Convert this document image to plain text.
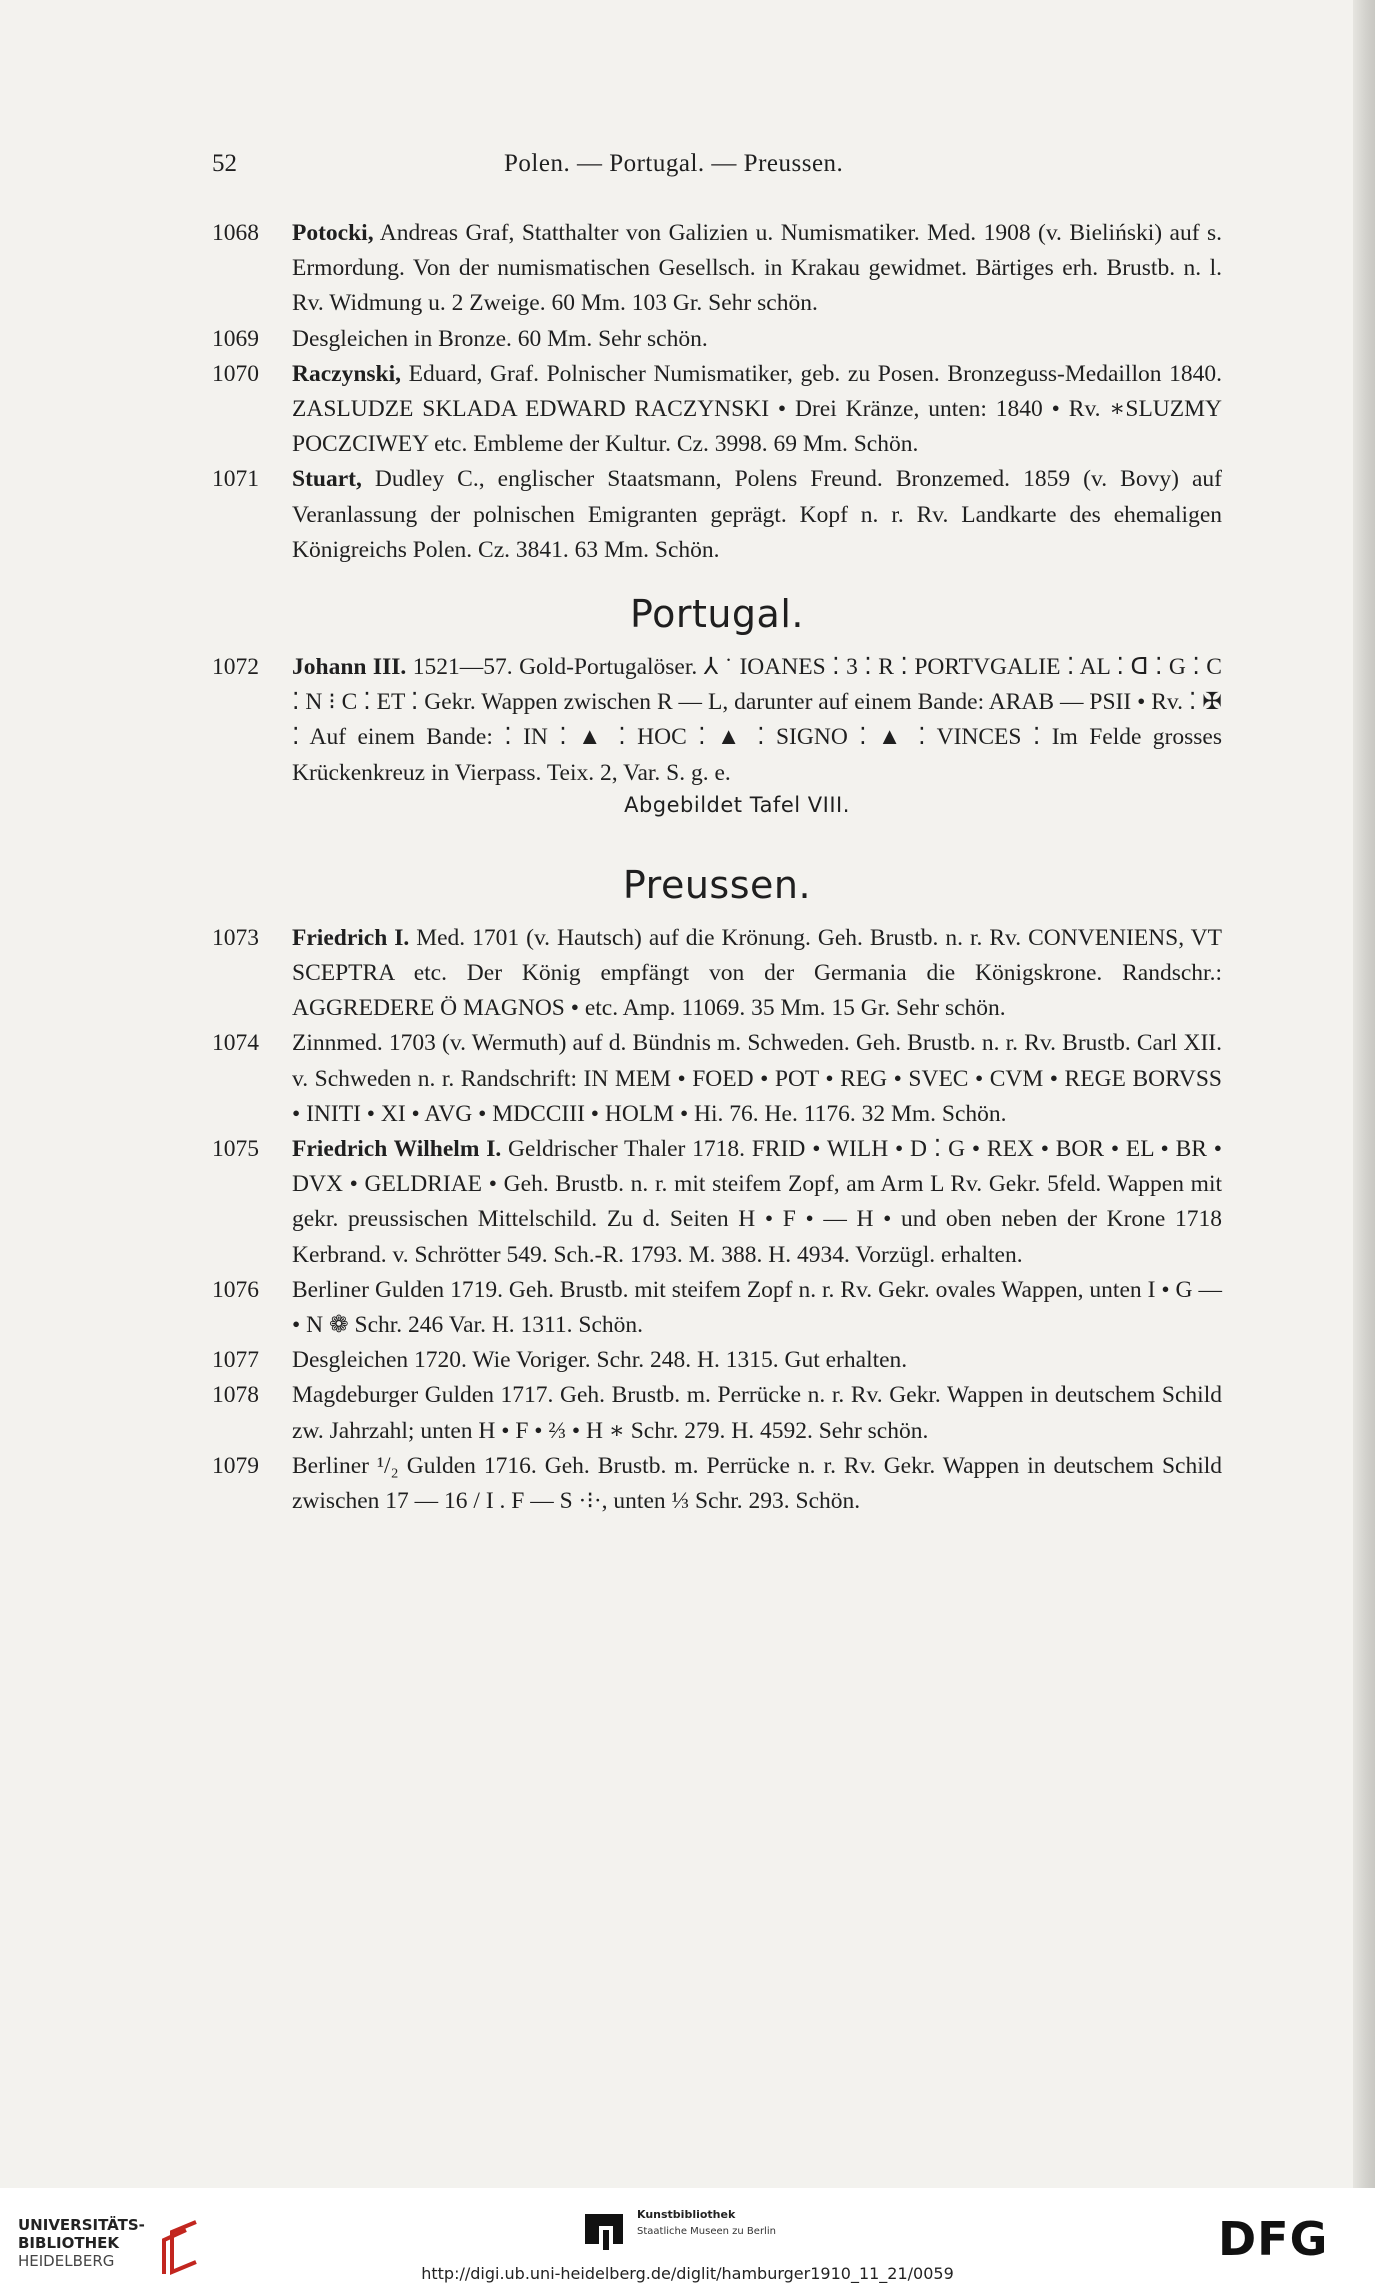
52	Polen. — Portugal. — Preussen.
1068	Potocki, Andreas Graf, Statthalter von Galizien u. Numismatiker. Med. 1908 (v. Bieliński) auf s. Ermordung. Von der numismatischen Gesellsch. in Krakau gewidmet. Bärtiges erh. Brustb. n. l. Rv. Widmung u. 2 Zweige. 60 Mm. 103 Gr. Sehr schön.
1069	Desgleichen in Bronze. 60 Mm. Sehr schön.
1070	Raczynski, Eduard, Graf. Polnischer Numismatiker, geb. zu Posen. Bronzeguss-Medaillon 1840. ZASLUDZE SKLADA EDWARD RACZYNSKI • Drei Kränze, unten: 1840 • Rv. ∗SLUZMY POCZCIWEY etc. Embleme der Kultur. Cz. 3998. 69 Mm. Schön.
1071	Stuart, Dudley C., englischer Staatsmann, Polens Freund. Bronzemed. 1859 (v. Bovy) auf Veranlassung der polnischen Emigranten geprägt. Kopf n. r. Rv. Landkarte des ehemaligen Königreichs Polen. Cz. 3841. 63 Mm. Schön.
Portugal.
1072	Johann III. 1521—57. Gold-Portugalöser. ⅄ ˙ IOANES ⁚ 3 ⁚ R ⁚ PORTVGALIE ⁚ AL ⁚ ᗡ ⁚ G ⁚ C ⁚ N ⁝ C ⁚ ET ⁚ Gekr. Wappen zwischen R — L, darunter auf einem Bande: ARAB — PSII • Rv. ⁚ ✠ ⁚ Auf einem Bande: ⁚ IN ⁚ ▲ ⁚ HOC ⁚ ▲ ⁚ SIGNO ⁚ ▲ ⁚ VINCES ⁚ Im Felde grosses Krückenkreuz in Vierpass. Teix. 2, Var. S. g. e.
Abgebildet Tafel VIII.
Preussen.
1073	Friedrich I. Med. 1701 (v. Hautsch) auf die Krönung. Geh. Brustb. n. r. Rv. CONVENIENS, VT SCEPTRA etc. Der König empfängt von der Germania die Königskrone. Randschr.: AGGREDERE Ö MAGNOS • etc. Amp. 11069. 35 Mm. 15 Gr. Sehr schön.
1074	Zinnmed. 1703 (v. Wermuth) auf d. Bündnis m. Schweden. Geh. Brustb. n. r. Rv. Brustb. Carl XII. v. Schweden n. r. Randschrift: IN MEM • FOED • POT • REG • SVEC • CVM • REGE BORVSS • INITI • XI • AVG • MDCCIII • HOLM • Hi. 76. He. 1176. 32 Mm. Schön.
1075	Friedrich Wilhelm I. Geldrischer Thaler 1718. FRID • WILH • D ⁚ G • REX • BOR • EL • BR • DVX • GELDRIAE • Geh. Brustb. n. r. mit steifem Zopf, am Arm L Rv. Gekr. 5feld. Wappen mit gekr. preussischen Mittelschild. Zu d. Seiten H • F • — H • und oben neben der Krone 1718 Kerbrand. v. Schrötter 549. Sch.-R. 1793. M. 388. H. 4934. Vorzügl. erhalten.
1076	Berliner Gulden 1719. Geh. Brustb. mit steifem Zopf n. r. Rv. Gekr. ovales Wappen, unten I • G — • N ❁ Schr. 246 Var. H. 1311. Schön.
1077	Desgleichen 1720. Wie Voriger. Schr. 248. H. 1315. Gut erhalten.
1078	Magdeburger Gulden 1717. Geh. Brustb. m. Perrücke n. r. Rv. Gekr. Wappen in deutschem Schild zw. Jahrzahl; unten H • F • ⅔ • H ∗ Schr. 279. H. 4592. Sehr schön.
1079	Berliner ¹/₂ Gulden 1716. Geh. Brustb. m. Perrücke n. r. Rv. Gekr. Wappen in deutschem Schild zwischen 17 — 16 / I . F — S ·⁝·, unten ⅓ Schr. 293. Schön.
UNIVERSITÄTS-
BIBLIOTHEK
HEIDELBERG
Kunstbibliothek
Staatliche Museen zu Berlin	DFG
http://digi.ub.uni-heidelberg.de/diglit/hamburger1910_11_21/0059
